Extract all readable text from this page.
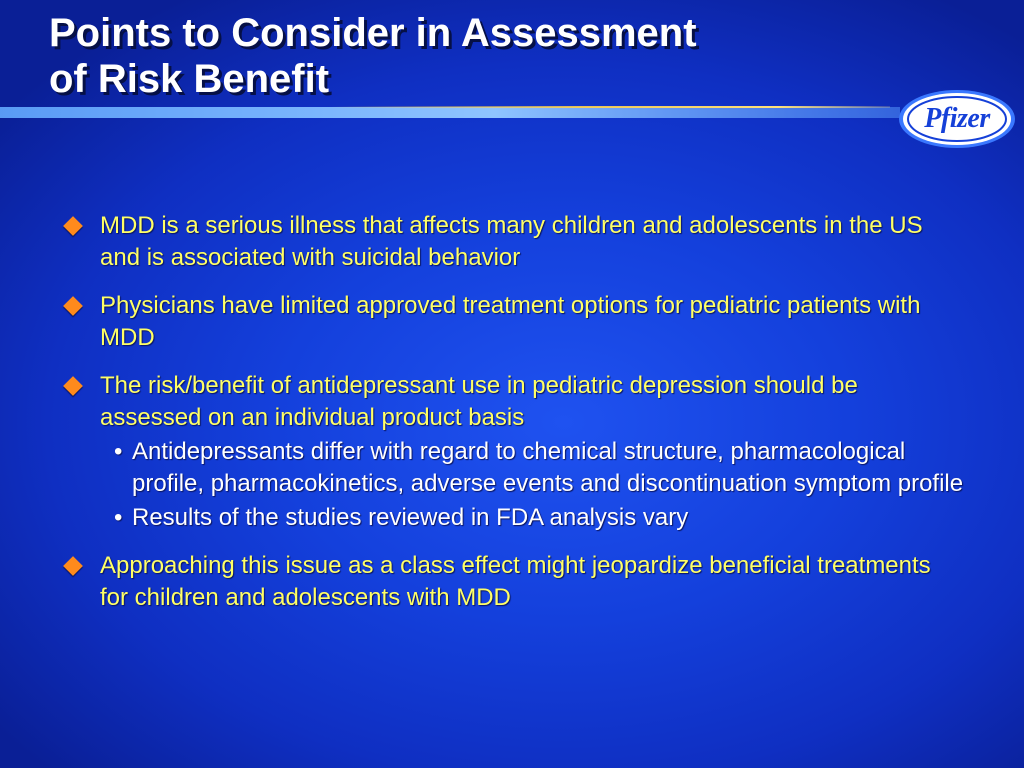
Points to Consider in Assessment
of Risk Benefit
Pfizer
MDD is a serious illness that affects many children and adolescents in the US and is associated with suicidal behavior
Physicians have limited approved treatment options for pediatric patients with MDD
The risk/benefit of antidepressant use in pediatric depression should be assessed on an individual product basis
• Antidepressants differ with regard to chemical structure, pharmacological profile, pharmacokinetics, adverse events and discontinuation symptom profile
• Results of the studies reviewed in FDA analysis vary
Approaching this issue as a class effect might jeopardize beneficial treatments for children and adolescents with MDD
